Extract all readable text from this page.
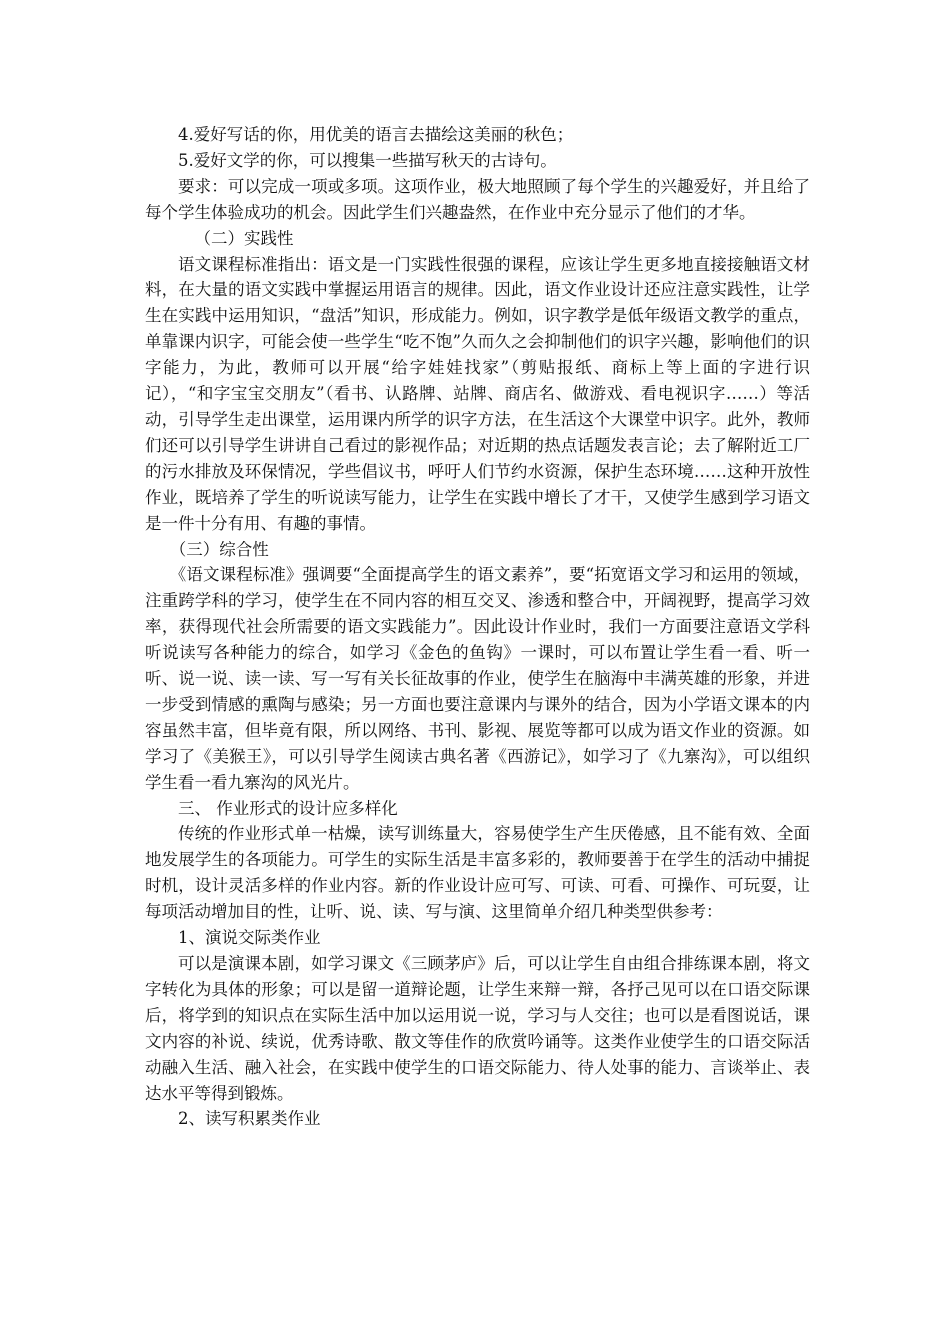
4.爱好写话的你，用优美的语言去描绘这美丽的秋色；

5.爱好文学的你，可以搜集一些描写秋天的古诗句。

要求：可以完成一项或多项。这项作业，极大地照顾了每个学生的兴趣爱好，并且给了每个学生体验成功的机会。因此学生们兴趣盎然，在作业中充分显示了他们的才华。

（二）实践性

语文课程标准指出：语文是一门实践性很强的课程，应该让学生更多地直接接触语文材料，在大量的语文实践中掌握运用语言的规律。因此，语文作业设计还应注意实践性，让学生在实践中运用知识，“盘活”知识，形成能力。例如，识字教学是低年级语文教学的重点，单靠课内识字，可能会使一些学生“吃不饱”久而久之会抑制他们的识字兴趣，影响他们的识字能力，为此，教师可以开展“给字娃娃找家”（剪贴报纸、商标上等上面的字进行识记），“和字宝宝交朋友”（看书、认路牌、站牌、商店名、做游戏、看电视识字……）等活动，引导学生走出课堂，运用课内所学的识字方法，在生活这个大课堂中识字。此外，教师们还可以引导学生讲讲自己看过的影视作品；对近期的热点话题发表言论；去了解附近工厂的污水排放及环保情况，学些倡议书，呼吁人们节约水资源，保护生态环境……这种开放性作业，既培养了学生的听说读写能力，让学生在实践中增长了才干，又使学生感到学习语文是一件十分有用、有趣的事情。

（三）综合性

《语文课程标准》强调要“全面提高学生的语文素养”，要“拓宽语文学习和运用的领域，注重跨学科的学习，使学生在不同内容的相互交叉、渗透和整合中，开阔视野，提高学习效率，获得现代社会所需要的语文实践能力”。因此设计作业时，我们一方面要注意语文学科听说读写各种能力的综合，如学习《金色的鱼钩》一课时，可以布置让学生看一看、听一听、说一说、读一读、写一写有关长征故事的作业，使学生在脑海中丰满英雄的形象，并进一步受到情感的熏陶与感染；另一方面也要注意课内与课外的结合，因为小学语文课本的内容虽然丰富，但毕竟有限，所以网络、书刊、影视、展览等都可以成为语文作业的资源。如学习了《美猴王》，可以引导学生阅读古典名著《西游记》，如学习了《九寨沟》，可以组织学生看一看九寨沟的风光片。

三、 作业形式的设计应多样化

传统的作业形式单一枯燥，读写训练量大，容易使学生产生厌倦感，且不能有效、全面地发展学生的各项能力。可学生的实际生活是丰富多彩的，教师要善于在学生的活动中捕捉时机，设计灵活多样的作业内容。新的作业设计应可写、可读、可看、可操作、可玩耍，让每项活动增加目的性，让听、说、读、写与演、这里简单介绍几种类型供参考：

1、演说交际类作业

可以是演课本剧，如学习课文《三顾茅庐》后，可以让学生自由组合排练课本剧，将文字转化为具体的形象；可以是留一道辩论题，让学生来辩一辩，各抒己见可以在口语交际课后，将学到的知识点在实际生活中加以运用说一说，学习与人交往；也可以是看图说话，课文内容的补说、续说，优秀诗歌、散文等佳作的欣赏吟诵等。这类作业使学生的口语交际活动融入生活、融入社会，在实践中使学生的口语交际能力、待人处事的能力、言谈举止、表达水平等得到锻炼。

2、读写积累类作业
